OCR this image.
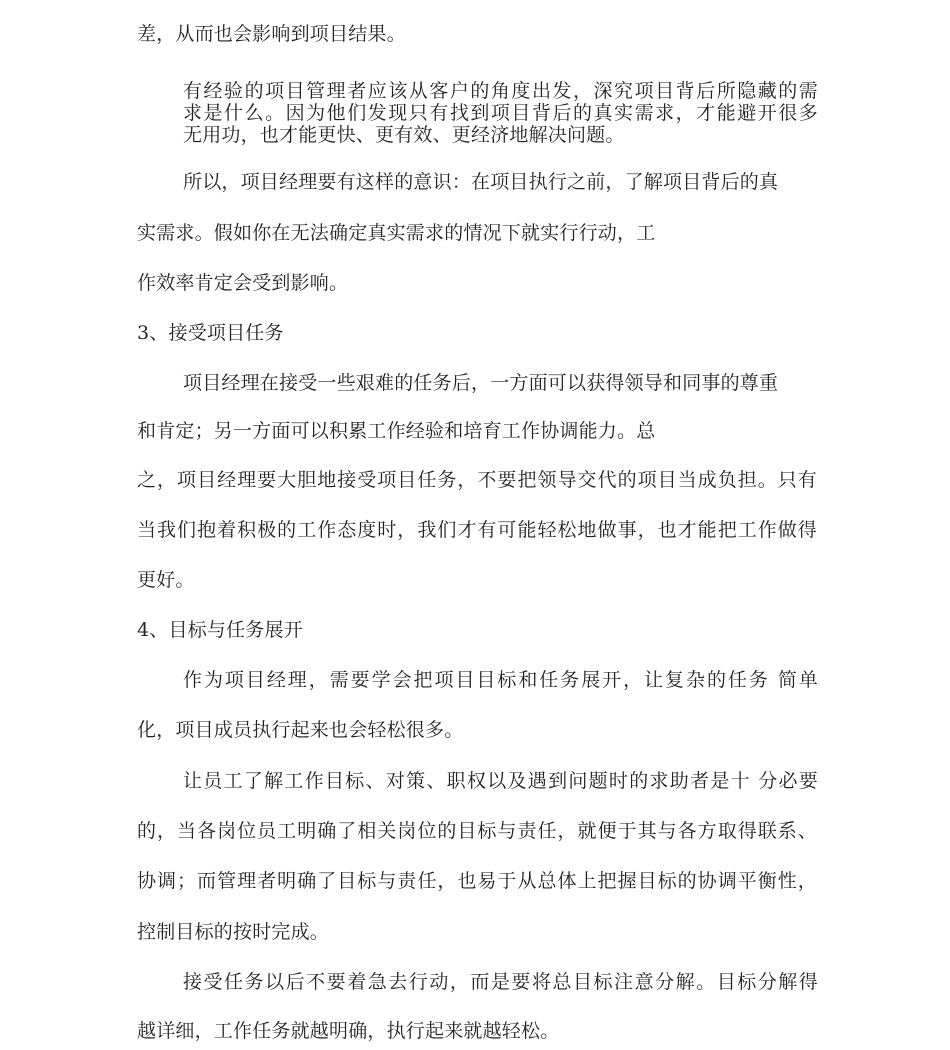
差，从而也会影响到项目结果。
有经验的项目管理者应该从客户的角度出发，深究项目背后所隐藏的需
求是什么。因为他们发现只有找到项目背后的真实需求，才能避开很多
无用功，也才能更快、更有效、更经济地解决问题。
所以，项目经理要有这样的意识：在项目执行之前，了解项目背后的真
实需求。假如你在无法确定真实需求的情况下就实行行动，工
作效率肯定会受到影响。
3、接受项目任务
项目经理在接受一些艰难的任务后，一方面可以获得领导和同事的尊重
和肯定；另一方面可以积累工作经验和培育工作协调能力。总
之，项目经理要大胆地接受项目任务，不要把领导交代的项目当成负担。只有
当我们抱着积极的工作态度时，我们才有可能轻松地做事，也才能把工作做得
更好。
4、目标与任务展开
作为项目经理，需要学会把项目目标和任务展开，让复杂的任务 简单
化，项目成员执行起来也会轻松很多。
让员工了解工作目标、对策、职权以及遇到问题时的求助者是十 分必要
的，当各岗位员工明确了相关岗位的目标与责任，就便于其与各方取得联系、
协调；而管理者明确了目标与责任，也易于从总体上把握目标的协调平衡性，
控制目标的按时完成。
接受任务以后不要着急去行动，而是要将总目标注意分解。目标分解得
越详细，工作任务就越明确，执行起来就越轻松。
